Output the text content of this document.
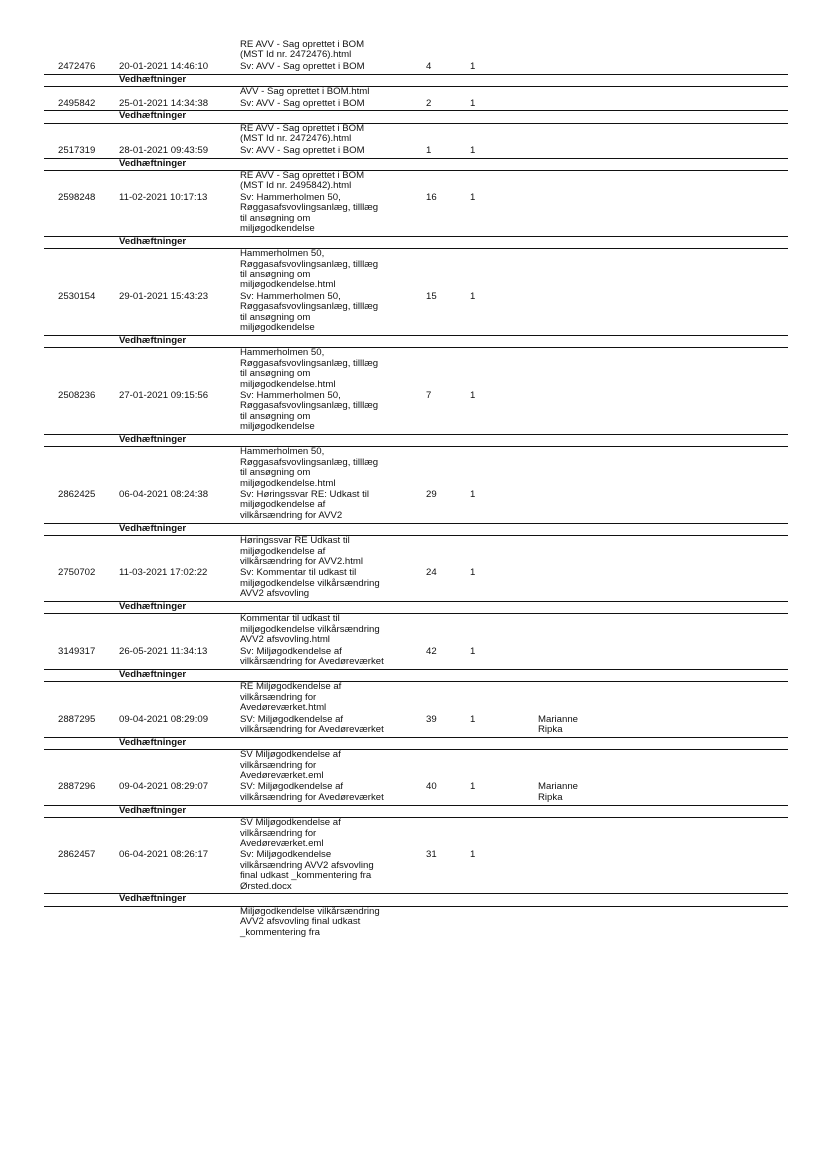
RE AVV - Sag oprettet i BOM
(MST Id nr. 2472476).html
2472476 20-01-2021 14:46:10	Sv: AVV - Sag oprettet i BOM	4	1
Vedhæftninger
AVV - Sag oprettet i BOM.html
2495842 25-01-2021 14:34:38	Sv: AVV - Sag oprettet i BOM	2	1
Vedhæftninger
RE AVV - Sag oprettet i BOM
(MST Id nr. 2472476).html
2517319 28-01-2021 09:43:59	Sv: AVV - Sag oprettet i BOM	1	1
Vedhæftninger
RE AVV - Sag oprettet i BOM
(MST Id nr. 2495842).html
2598248 11-02-2021 10:17:13	Sv: Hammerholmen 50,
Røggasafsvovlingsanlæg, tilllæg
til ansøgning om
miljøgodkendelse
16	1
Vedhæftninger
Hammerholmen 50,
Røggasafsvovlingsanlæg, tilllæg
til ansøgning om
miljøgodkendelse.html
2530154 29-01-2021 15:43:23	Sv: Hammerholmen 50,
Røggasafsvovlingsanlæg, tilllæg
til ansøgning om
miljøgodkendelse
15	1
Vedhæftninger
Hammerholmen 50,
Røggasafsvovlingsanlæg, tilllæg
til ansøgning om
miljøgodkendelse.html
2508236 27-01-2021 09:15:56	Sv: Hammerholmen 50,
Røggasafsvovlingsanlæg, tilllæg
til ansøgning om
miljøgodkendelse
7	1
Vedhæftninger
Hammerholmen 50,
Røggasafsvovlingsanlæg, tilllæg
til ansøgning om
miljøgodkendelse.html
2862425 06-04-2021 08:24:38	Sv: Høringssvar RE: Udkast til
miljøgodkendelse af
vilkårsændring for AVV2
29	1
Vedhæftninger
Høringssvar RE Udkast til
miljøgodkendelse af
vilkårsændring for AVV2.html
2750702 11-03-2021 17:02:22	Sv: Kommentar til udkast til
miljøgodkendelse vilkårsændring
AVV2 afsvovling
24	1
Vedhæftninger
Kommentar til udkast til
miljøgodkendelse vilkårsændring
AVV2 afsvovling.html
3149317 26-05-2021 11:34:13	Sv: Miljøgodkendelse af
vilkårsændring for Avedøreværket
42	1
Vedhæftninger
RE Miljøgodkendelse af
vilkårsændring for
Avedøreværket.html
2887295 09-04-2021 08:29:09	SV: Miljøgodkendelse af
vilkårsændring for Avedøreværket
39	1	Marianne
Ripka
Vedhæftninger
SV Miljøgodkendelse af
vilkårsændring for
Avedøreværket.eml
2887296 09-04-2021 08:29:07	SV: Miljøgodkendelse af
vilkårsændring for Avedøreværket
40	1	Marianne
Ripka
Vedhæftninger
SV Miljøgodkendelse af
vilkårsændring for
Avedøreværket.eml
2862457 06-04-2021 08:26:17	Sv: Miljøgodkendelse
vilkårsændring AVV2 afsvovling
final udkast _kommentering fra
Ørsted.docx
31	1
Vedhæftninger
Miljøgodkendelse vilkårsændring
AVV2 afsvovling final udkast
_kommentering fra
